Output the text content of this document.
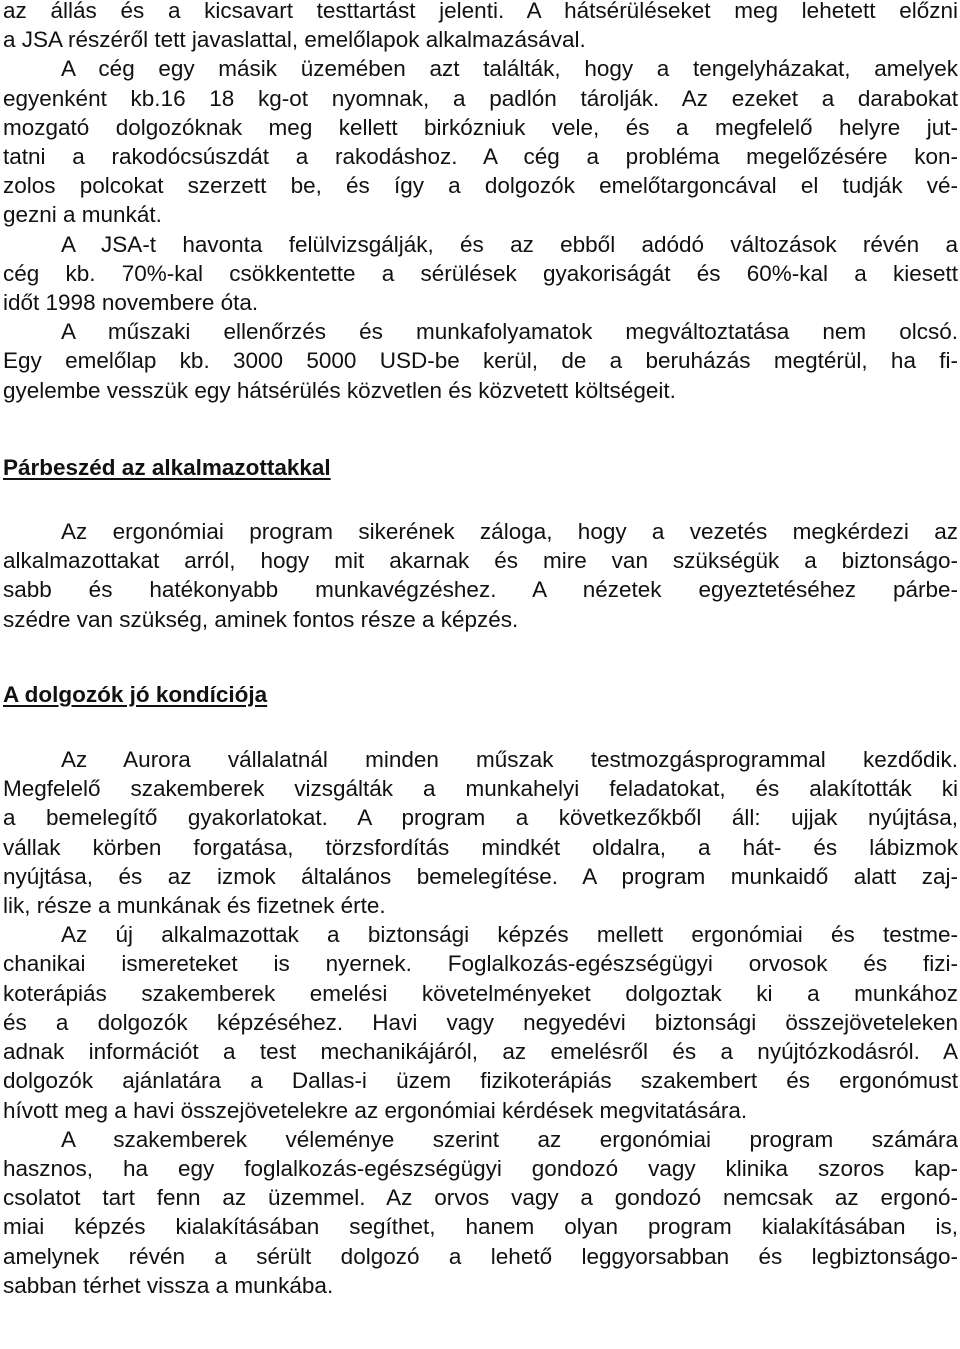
az állás és a kicsavart testtartást jelenti. A hátsérüléseket meg lehetett előzni
a JSA részéről tett javaslattal, emelőlapok alkalmazásával.

A cég egy másik üzemében azt találták, hogy a tengelyházakat, amelyek
egyenként kb.16 18 kg-ot nyomnak, a padlón tárolják. Az ezeket a darabokat
mozgató dolgozóknak meg kellett birkózniuk vele, és a megfelelő helyre jut-
tatni a rakodócsúszdát a rakodáshoz. A cég a probléma megelőzésére kon-
zolos polcokat szerzett be, és így a dolgozók emelőtargoncával el tudják vé-
gezni a munkát.

A JSA-t havonta felülvizsgálják, és az ebből adódó változások révén a
cég kb. 70%-kal csökkentette a sérülések gyakoriságát és 60%-kal a kiesett
időt 1998 novembere óta.

A műszaki ellenőrzés és munkafolyamatok megváltoztatása nem olcsó.
Egy emelőlap kb. 3000 5000 USD-be kerül, de a beruházás megtérül, ha fi-
gyelembe vesszük egy hátsérülés közvetlen és közvetett költségeit.

Párbeszéd az alkalmazottakkal

Az ergonómiai program sikerének záloga, hogy a vezetés megkérdezi az
alkalmazottakat arról, hogy mit akarnak és mire van szükségük a biztonságo-
sabb és hatékonyabb munkavégzéshez. A nézetek egyeztetéséhez párbe-
szédre van szükség, aminek fontos része a képzés.

A dolgozók jó kondíciója

Az Aurora vállalatnál minden műszak testmozgásprogrammal kezdődik.
Megfelelő szakemberek vizsgálták a munkahelyi feladatokat, és alakították ki
a bemelegítő gyakorlatokat. A program a következőkből áll: ujjak nyújtása,
vállak körben forgatása, törzsfordítás mindkét oldalra, a hát- és lábizmok
nyújtása, és az izmok általános bemelegítése. A program munkaidő alatt zaj-
lik, része a munkának és fizetnek érte.

Az új alkalmazottak a biztonsági képzés mellett ergonómiai és testme-
chanikai ismereteket is nyernek. Foglalkozás-egészségügyi orvosok és fizi-
koterápiás szakemberek emelési követelményeket dolgoztak ki a munkához
és a dolgozók képzéséhez. Havi vagy negyedévi biztonsági összejöveteleken
adnak információt a test mechanikájáról, az emelésről és a nyújtózkodásról. A
dolgozók ajánlatára a Dallas-i üzem fizikoterápiás szakembert és ergonómust
hívott meg a havi összejövetelekre az ergonómiai kérdések megvitatására.

A szakemberek véleménye szerint az ergonómiai program számára
hasznos, ha egy foglalkozás-egészségügyi gondozó vagy klinika szoros kap-
csolatot tart fenn az üzemmel. Az orvos vagy a gondozó nemcsak az ergonó-
miai képzés kialakításában segíthet, hanem olyan program kialakításában is,
amelynek révén a sérült dolgozó a lehető leggyorsabban és legbiztonságo-
sabban térhet vissza a munkába.
